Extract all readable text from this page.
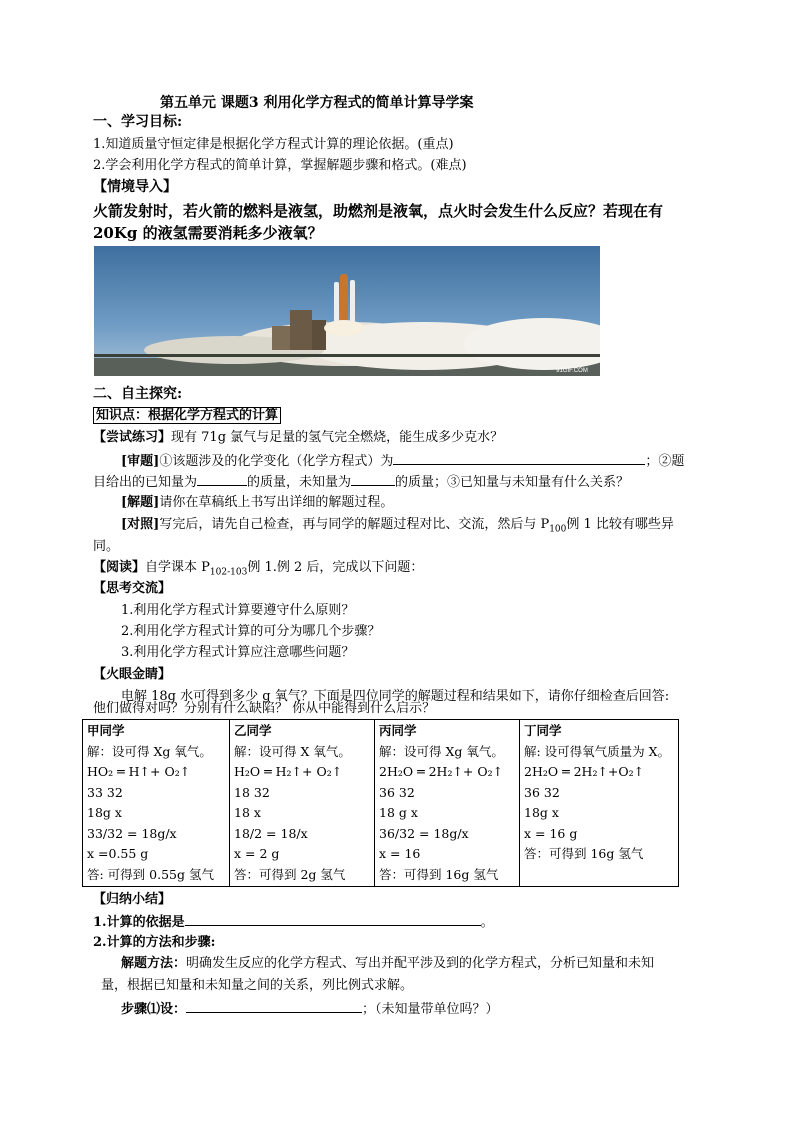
第五单元 课题3 利用化学方程式的简单计算导学案
一、学习目标:
1.知道质量守恒定律是根据化学方程式计算的理论依据。(重点)
2.学会利用化学方程式的简单计算，掌握解题步骤和格式。(难点)
【情境导入】
火箭发射时，若火箭的燃料是液氢，助燃剂是液氧，点火时会发生什么反应？若现在有
20Kg 的液氢需要消耗多少液氧？
91GIF.COM
二、自主探究:
知识点：根据化学方程式的计算
【尝试练习】现有 71g 氯气与足量的氢气完全燃烧，能生成多少克水？
[审题]①该题涉及的化学变化（化学方程式）为	；②题
目给出的已知量为	的质量，未知量为	的质量；③已知量与未知量有什么关系？
[解题]请你在草稿纸上书写出详细的解题过程。
[对照]写完后，请先自己检查，再与同学的解题过程对比、交流，然后与 $P_{100}$例 1 比较有哪些异
同。
【阅读】自学课本 $P_{102-103}$例 1.例 2 后，完成以下问题：
【思考交流】
1.利用化学方程式计算要遵守什么原则？
2.利用化学方程式计算的可分为哪几个步骤？
3.利用化学方程式计算应注意哪些问题？
【火眼金睛】
电解 18g 水可得到多少 g 氧气？下面是四位同学的解题过程和结果如下，请你仔细检查后回答:
他们做得对吗？分别有什么缺陷？ 你从中能得到什么启示？
甲同学
解：设可得 Xg 氧气。
HO₂ ═ H↑+ O₂↑
33 32
18g x
33/32 = 18g/x
x =0.55 g
答: 可得到 0.55g 氢气

乙同学
解：设可得 X 氧气。
H₂O ═ H₂↑+ O₂↑
18 32
18 x
18/2 = 18/x
x = 2 g
答：可得到 2g 氢气

丙同学
解：设可得 Xg 氧气。
2H₂O ═ 2H₂↑+ O₂↑
36 32
18 g x
36/32 = 18g/x
x = 16
答：可得到 16g 氢气

丁同学
解: 设可得氧气质量为 X。
2H₂O ═ 2H₂↑+O₂↑
36 32
18g x
x = 16 g
答：可得到 16g 氢气
【归纳小结】
1.计算的依据是	。
2.计算的方法和步骤:
解题方法：明确发生反应的化学方程式、写出并配平涉及到的化学方程式，分析已知量和未知
量，根据已知量和未知量之间的关系，列比例式求解。
步骤⑴设：	；（未知量带单位吗？）
